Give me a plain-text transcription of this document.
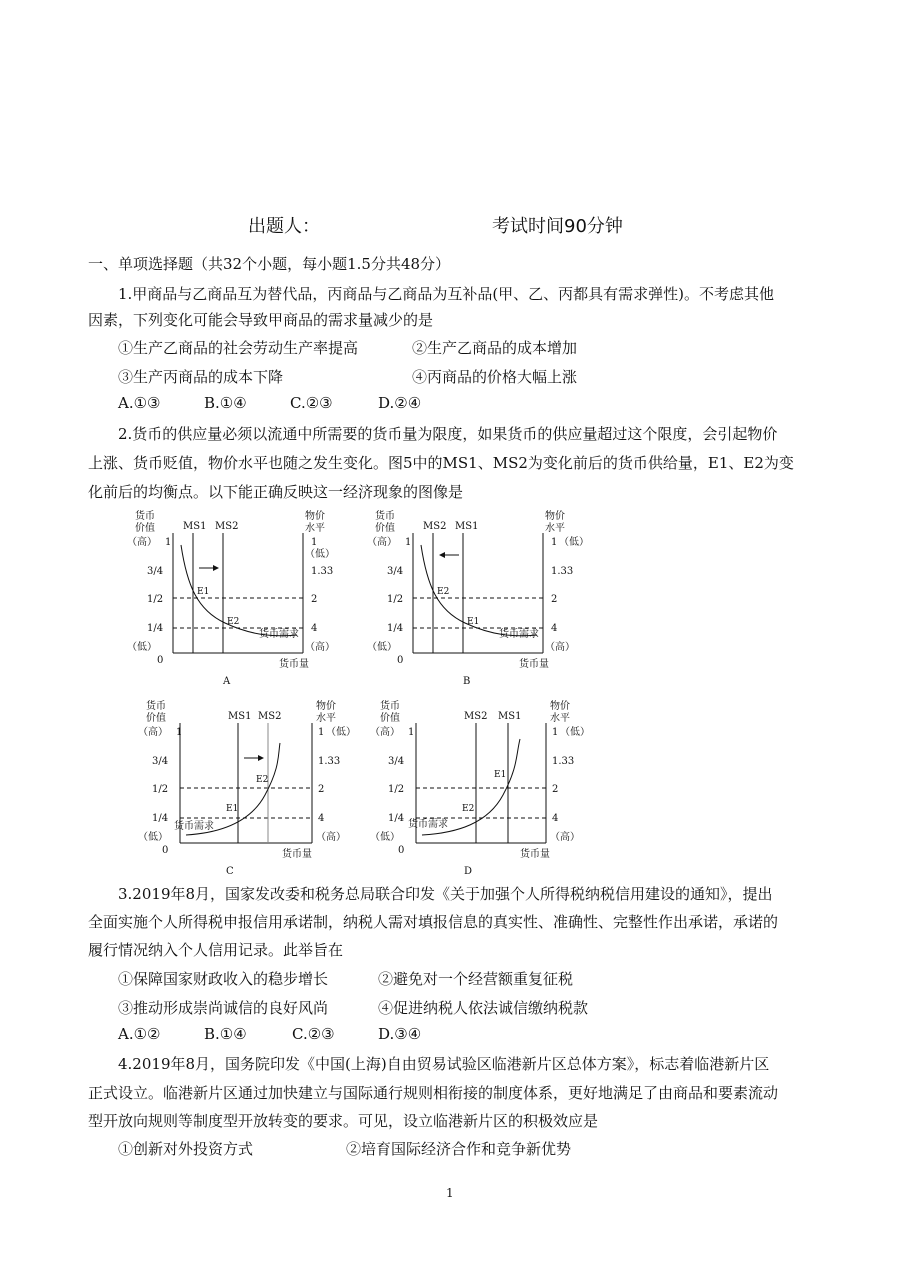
出题人：	考试时间90分钟
一、单项选择题（共32个小题，每小题1.5分共48分）
1.甲商品与乙商品互为替代品，丙商品与乙商品为互补品(甲、乙、丙都具有需求弹性)。不考虑其他
因素，下列变化可能会导致甲商品的需求量减少的是
①生产乙商品的社会劳动生产率提高	②生产乙商品的成本增加
③生产丙商品的成本下降	④丙商品的价格大幅上涨
A.①③	B.①④	C.②③	D.②④
2.货币的供应量必须以流通中所需要的货币量为限度，如果货币的供应量超过这个限度，会引起物价
上涨、货币贬值，物价水平也随之发生变化。图5中的MS1、MS2为变化前后的货币供给量，E1、E2为变
化前后的均衡点。以下能正确反映这一经济现象的图像是
货币
价值
（高） 1
3/4
1/2
1/4
（低）
0
物价
水平
1
（低）
1.33
2
4
（高）
MS1 MS2
E1
E2
货币需求
货币量
A
货币
价值
（高） 1
3/4
1/2
1/4
（低）
0
物价
水平
1 （低）
1.33
2
4
（高）
MS2 MS1
E2
E1
货币需求
货币量
B
货币
价值
（高） 1
3/4
1/2
1/4
（低）
0
物价
水平
1 （低）
1.33
2
4
（高）
MS1 MS2
E2
E1
货币需求
货币量
C
货币
价值
（高） 1
3/4
1/2
1/4
（低）
0
物价
水平
1 （低）
1.33
2
4
（高）
MS2 MS1
E1
E2
货币需求
货币量
D
3.2019年8月，国家发改委和税务总局联合印发《关于加强个人所得税纳税信用建设的通知》，提出
全面实施个人所得税申报信用承诺制，纳税人需对填报信息的真实性、准确性、完整性作出承诺，承诺的
履行情况纳入个人信用记录。此举旨在
①保障国家财政收入的稳步增长	②避免对一个经营额重复征税
③推动形成崇尚诚信的良好风尚	④促进纳税人依法诚信缴纳税款
A.①②	B.①④	C.②③	D.③④
4.2019年8月，国务院印发《中国(上海)自由贸易试验区临港新片区总体方案》，标志着临港新片区
正式设立。临港新片区通过加快建立与国际通行规则相衔接的制度体系，更好地满足了由商品和要素流动
型开放向规则等制度型开放转变的要求。可见，设立临港新片区的积极效应是
①创新对外投资方式	②培育国际经济合作和竞争新优势
1
